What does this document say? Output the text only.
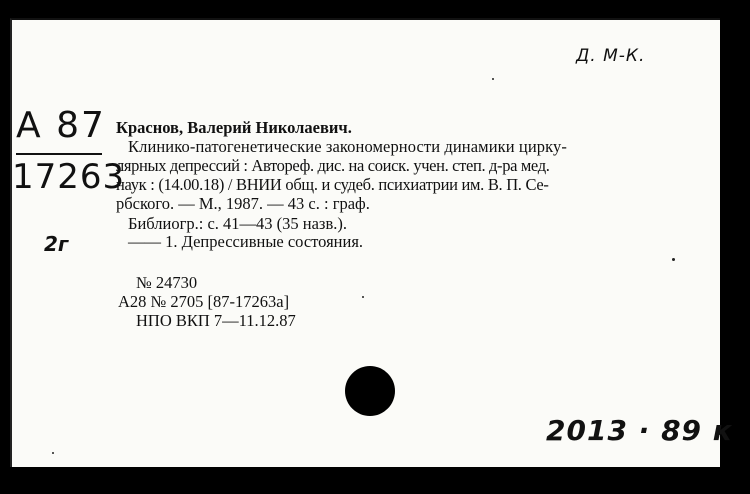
А 87
17263
Д. М-К.
2г

Краснов, Валерий Николаевич.

Клинико-патогенетические закономерности динамики цирку-

лярных депрессий : Автореф. дис. на соиск. учен. степ. д-ра мед.

наук : (14.00.18) / ВНИИ общ. и судеб. психиатрии им. В. П. Се-

рбского. — М., 1987. — 43 с. : граф.

Библиогр.: с. 41—43 (35 назв.).

—— 1. Депрессивные состояния.

№ 24730

А28 № 2705 [87-17263а]

НПО ВКП 7—11.12.87

2013 · 89 к
